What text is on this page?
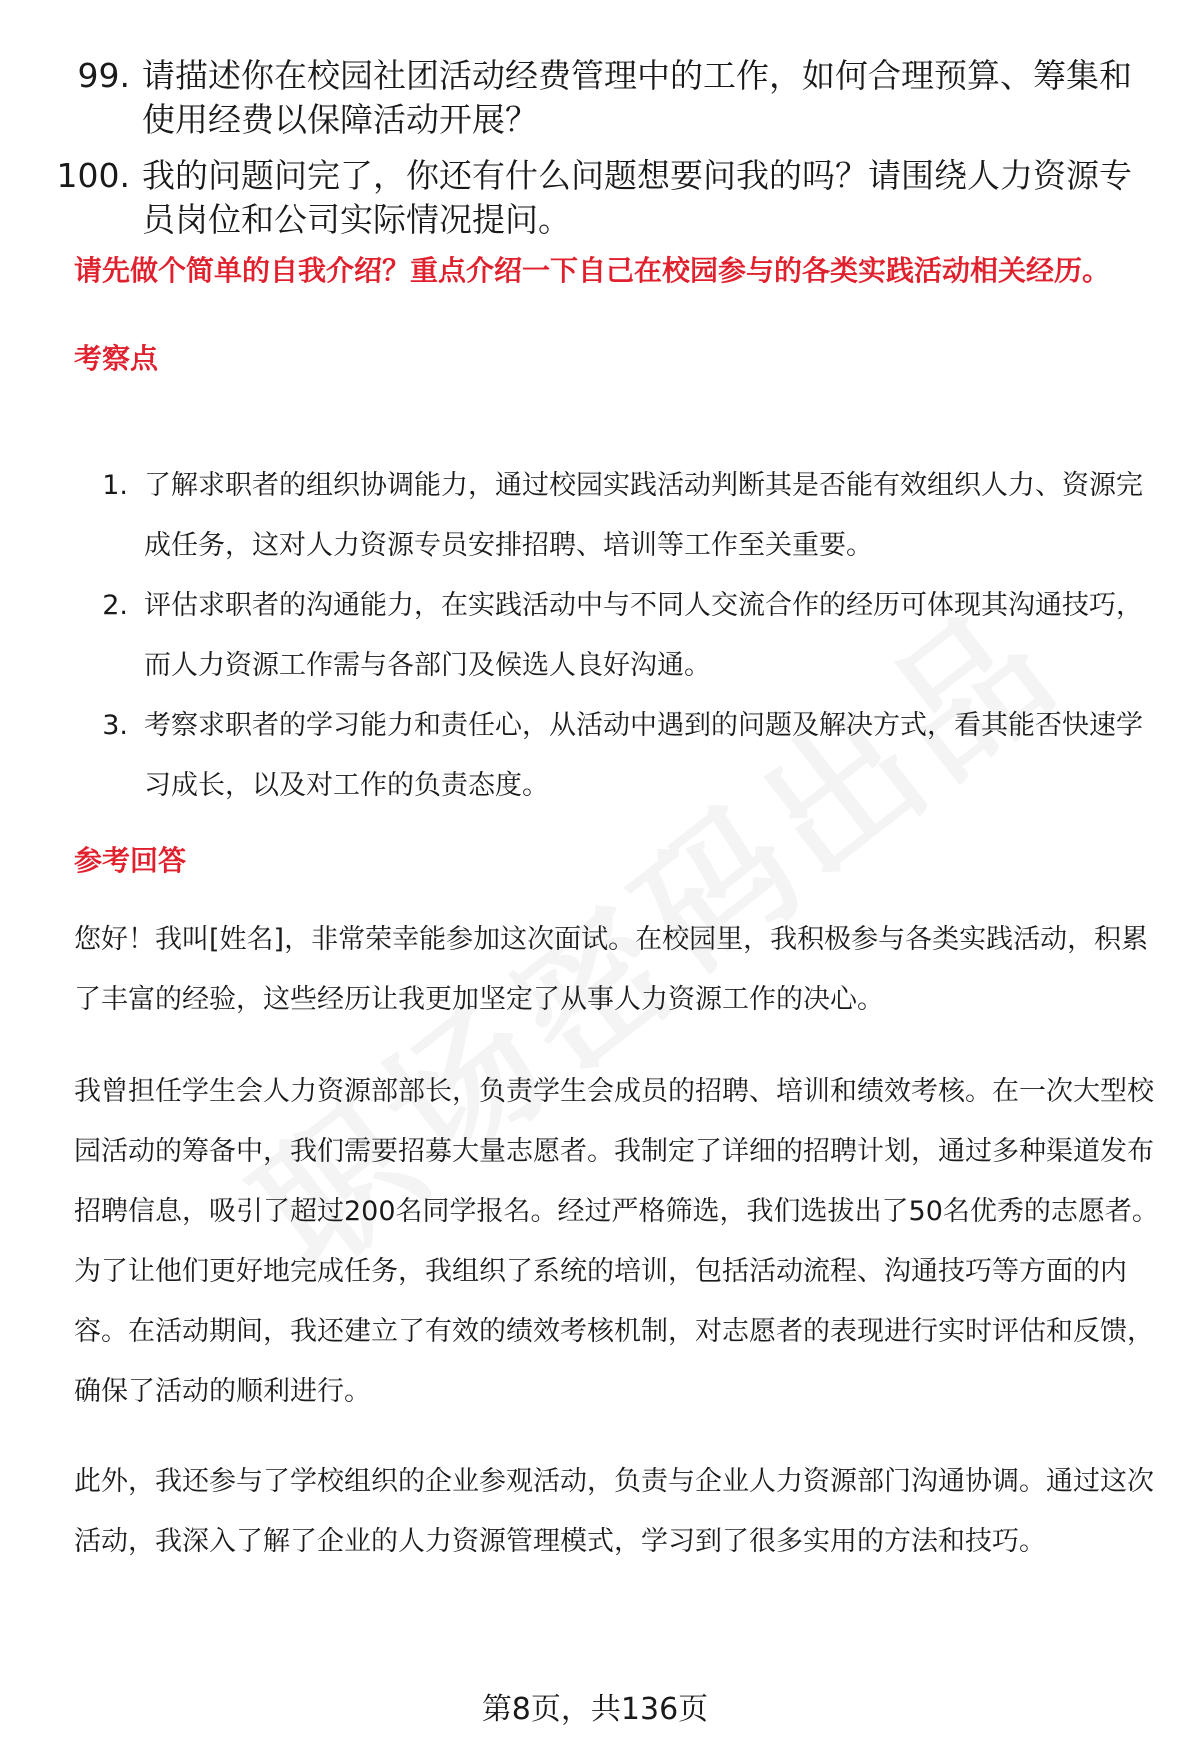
99. 请描述你在校园社团活动经费管理中的工作，如何合理预算、筹集和使用经费以保障活动开展？
100. 我的问题问完了，你还有什么问题想要问我的吗？请围绕人力资源专员岗位和公司实际情况提问。
请先做个简单的自我介绍？重点介绍一下自己在校园参与的各类实践活动相关经历。
考察点
1. 了解求职者的组织协调能力，通过校园实践活动判断其是否能有效组织人力、资源完成任务，这对人力资源专员安排招聘、培训等工作至关重要。
2. 评估求职者的沟通能力，在实践活动中与不同人交流合作的经历可体现其沟通技巧，而人力资源工作需与各部门及候选人良好沟通。
3. 考察求职者的学习能力和责任心，从活动中遇到的问题及解决方式，看其能否快速学习成长，以及对工作的负责态度。
参考回答
您好！我叫[姓名]，非常荣幸能参加这次面试。在校园里，我积极参与各类实践活动，积累了丰富的经验，这些经历让我更加坚定了从事人力资源工作的决心。
我曾担任学生会人力资源部部长，负责学生会成员的招聘、培训和绩效考核。在一次大型校园活动的筹备中，我们需要招募大量志愿者。我制定了详细的招聘计划，通过多种渠道发布招聘信息，吸引了超过200名同学报名。经过严格筛选，我们选拔出了50名优秀的志愿者。为了让他们更好地完成任务，我组织了系统的培训，包括活动流程、沟通技巧等方面的内容。在活动期间，我还建立了有效的绩效考核机制，对志愿者的表现进行实时评估和反馈，确保了活动的顺利进行。
此外，我还参与了学校组织的企业参观活动，负责与企业人力资源部门沟通协调。通过这次活动，我深入了解了企业的人力资源管理模式，学习到了很多实用的方法和技巧。
第8页，共136页
